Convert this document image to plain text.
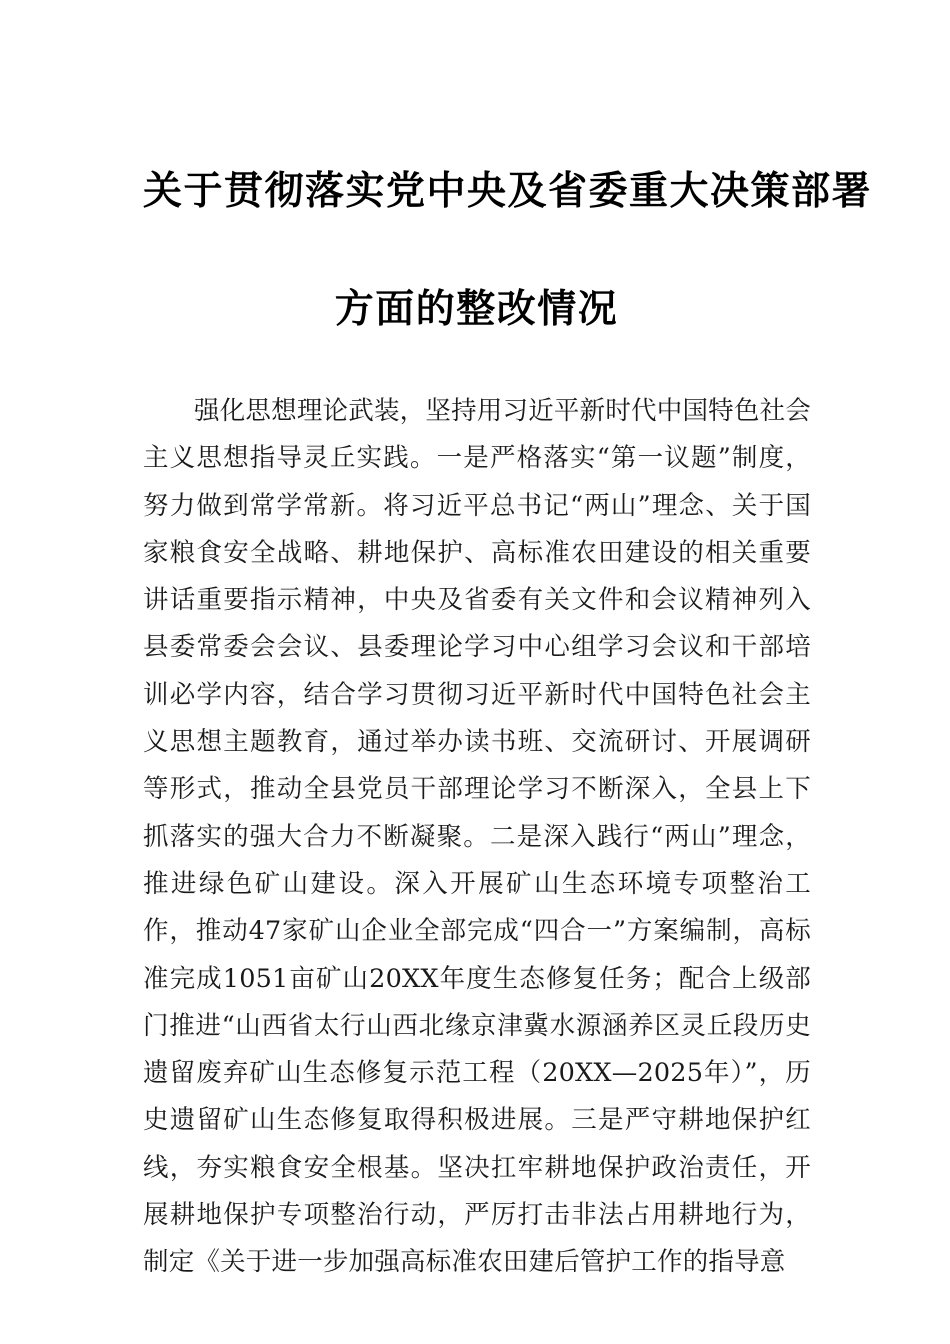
关于贯彻落实党中央及省委重大决策部署
方面的整改情况

强化思想理论武装，坚持用习近平新时代中国特色社会主义思想指导灵丘实践。一是严格落实“第一议题”制度，努力做到常学常新。将习近平总书记“两山”理念、关于国家粮食安全战略、耕地保护、高标准农田建设的相关重要讲话重要指示精神，中央及省委有关文件和会议精神列入县委常委会会议、县委理论学习中心组学习会议和干部培训必学内容，结合学习贯彻习近平新时代中国特色社会主义思想主题教育，通过举办读书班、交流研讨、开展调研等形式，推动全县党员干部理论学习不断深入，全县上下抓落实的强大合力不断凝聚。二是深入践行“两山”理念，推进绿色矿山建设。深入开展矿山生态环境专项整治工作，推动47家矿山企业全部完成“四合一”方案编制，高标准完成1051亩矿山20XX年度生态修复任务；配合上级部门推进“山西省太行山西北缘京津冀水源涵养区灵丘段历史遗留废弃矿山生态修复示范工程（20XX—2025年）”，历史遗留矿山生态修复取得积极进展。三是严守耕地保护红线，夯实粮食安全根基。坚决扛牢耕地保护政治责任，开展耕地保护专项整治行动，严厉打击非法占用耕地行为，制定《关于进一步加强高标准农田建后管护工作的指导意
